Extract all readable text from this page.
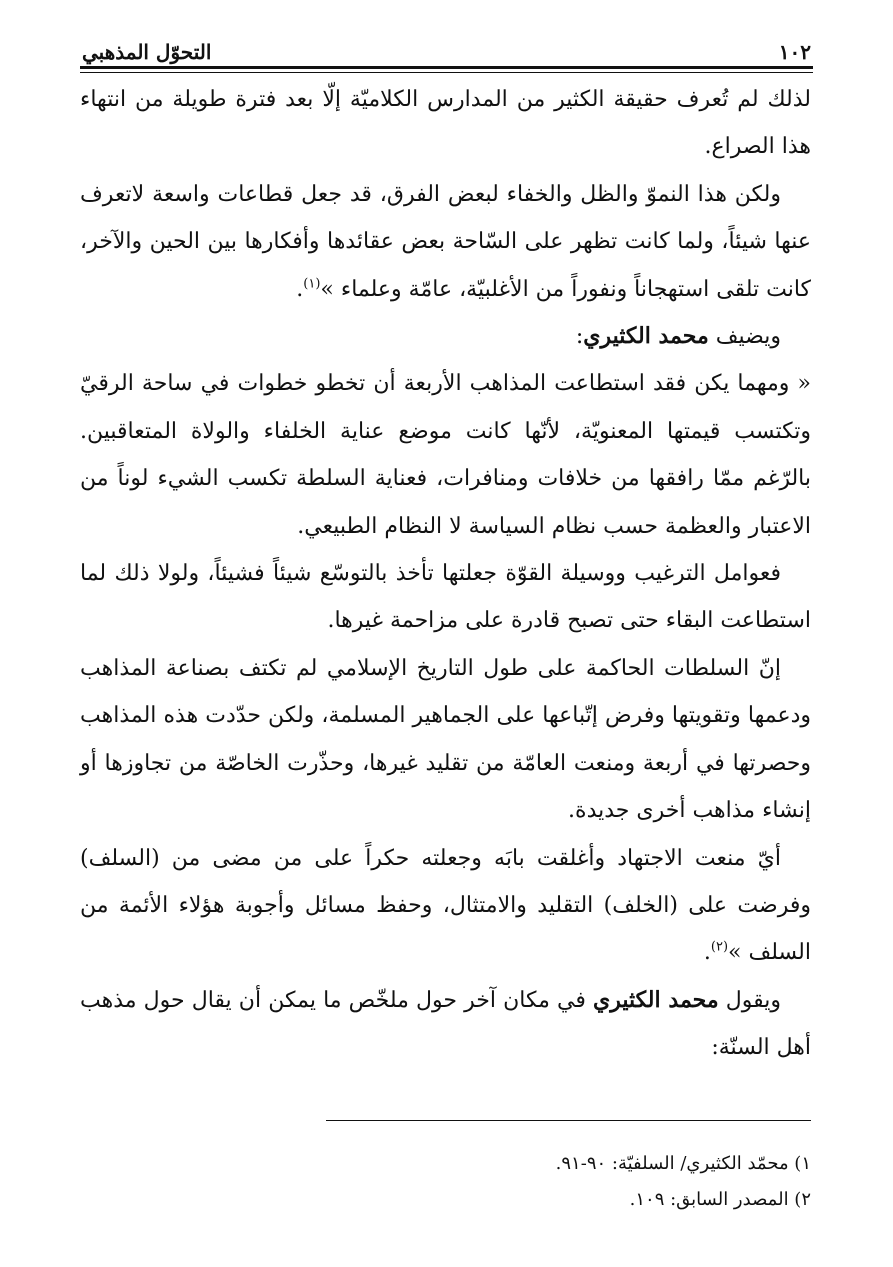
١٠٢
التحوّل المذهبي

لذلك لم تُعرف حقيقة الكثير من المدارس الكلاميّة إلّا بعد فترة طويلة من انتهاء هذا الصراع.

ولكن هذا النموّ والظل والخفاء لبعض الفرق، قد جعل قطاعات واسعة لاتعرف عنها شيئاً، ولما كانت تظهر على السّاحة بعض عقائدها وأفكارها بين الحين والآخر، كانت تلقى استهجاناً ونفوراً من الأغلبيّة، عامّة وعلماء »$^{(١)}$.

ويضيف محمد الكثيري:

« ومهما يكن فقد استطاعت المذاهب الأربعة أن تخطو خطوات في ساحة الرقيّ وتكتسب قيمتها المعنويّة، لأنّها كانت موضع عناية الخلفاء والولاة المتعاقبين. بالرّغم ممّا رافقها من خلافات ومنافرات، فعناية السلطة تكسب الشيء لوناً من الاعتبار والعظمة حسب نظام السياسة لا النظام الطبيعي.

فعوامل الترغيب ووسيلة القوّة جعلتها تأخذ بالتوسّع شيئاً فشيئاً، ولولا ذلك لما استطاعت البقاء حتى تصبح قادرة على مزاحمة غيرها.

إنّ السلطات الحاكمة على طول التاريخ الإسلامي لم تكتف بصناعة المذاهب ودعمها وتقويتها وفرض إتّباعها على الجماهير المسلمة، ولكن حدّدت هذه المذاهب وحصرتها في أربعة ومنعت العامّة من تقليد غيرها، وحذّرت الخاصّة من تجاوزها أو إنشاء مذاهب أخرى جديدة.

أيّ منعت الاجتهاد وأغلقت بابَه وجعلته حكراً على من مضى من (السلف) وفرضت على (الخلف) التقليد والامتثال، وحفظ مسائل وأجوبة هؤلاء الأئمة من السلف »$^{(٢)}$.

ويقول محمد الكثيري في مكان آخر حول ملخّص ما يمكن أن يقال حول مذهب أهل السنّة:

١) محمّد الكثيري/ السلفيّة: ٩٠-٩١.

٢) المصدر السابق: ١٠٩.
